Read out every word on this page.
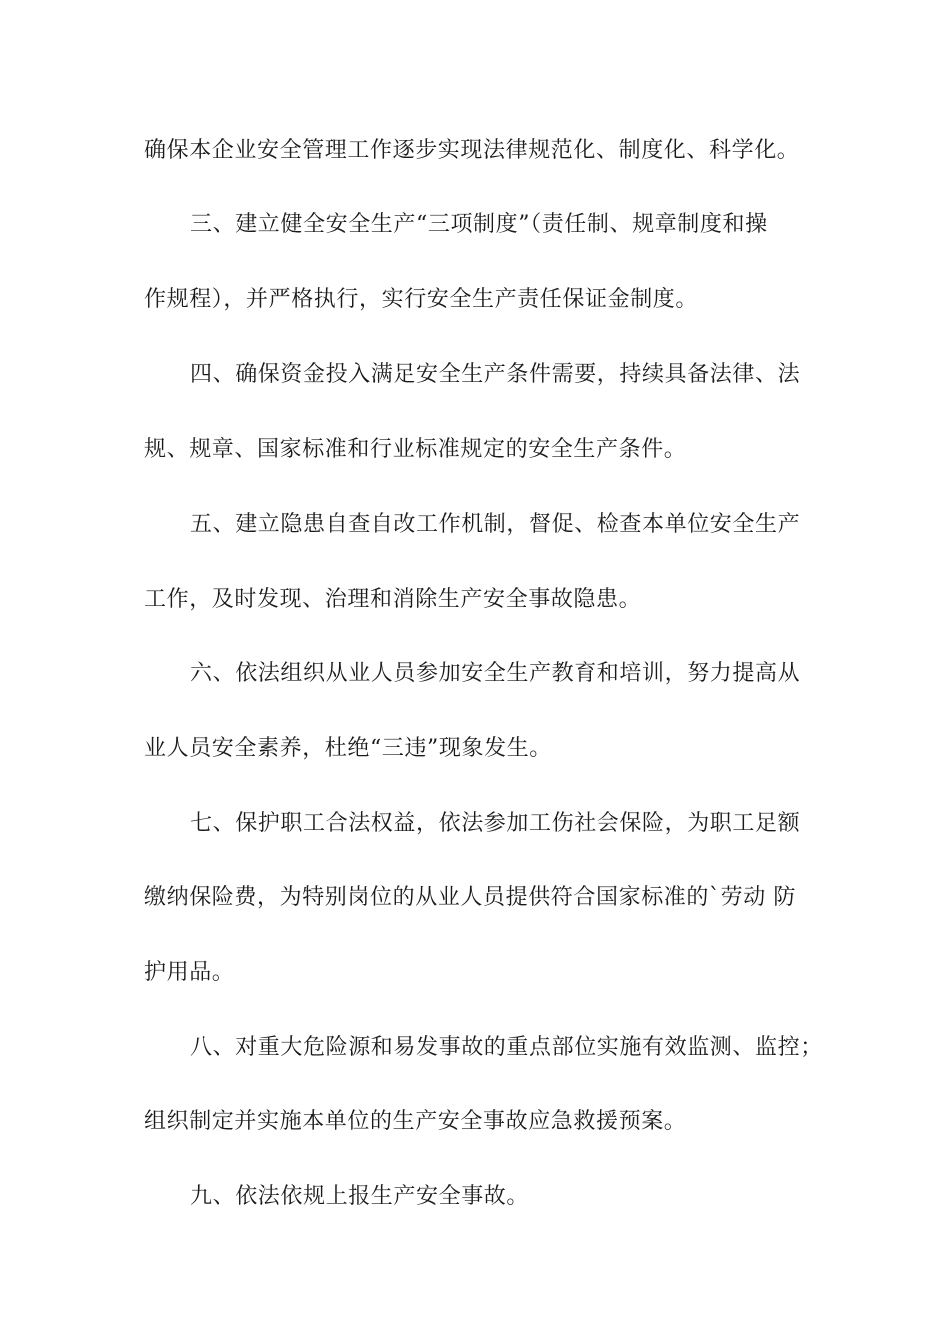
确保本企业安全管理工作逐步实现法律规范化、制度化、科学化。
三、建立健全安全生产“三项制度”（责任制、规章制度和操
作规程），并严格执行，实行安全生产责任保证金制度。
四、确保资金投入满足安全生产条件需要，持续具备法律、法
规、规章、国家标准和行业标准规定的安全生产条件。
五、建立隐患自查自改工作机制，督促、检查本单位安全生产
工作，及时发现、治理和消除生产安全事故隐患。
六、依法组织从业人员参加安全生产教育和培训，努力提高从
业人员安全素养，杜绝“三违”现象发生。
七、保护职工合法权益，依法参加工伤社会保险，为职工足额
缴纳保险费，为特别岗位的从业人员提供符合国家标准的`劳动 防
护用品。
八、对重大危险源和易发事故的重点部位实施有效监测、监控；
组织制定并实施本单位的生产安全事故应急救援预案。
九、依法依规上报生产安全事故。
